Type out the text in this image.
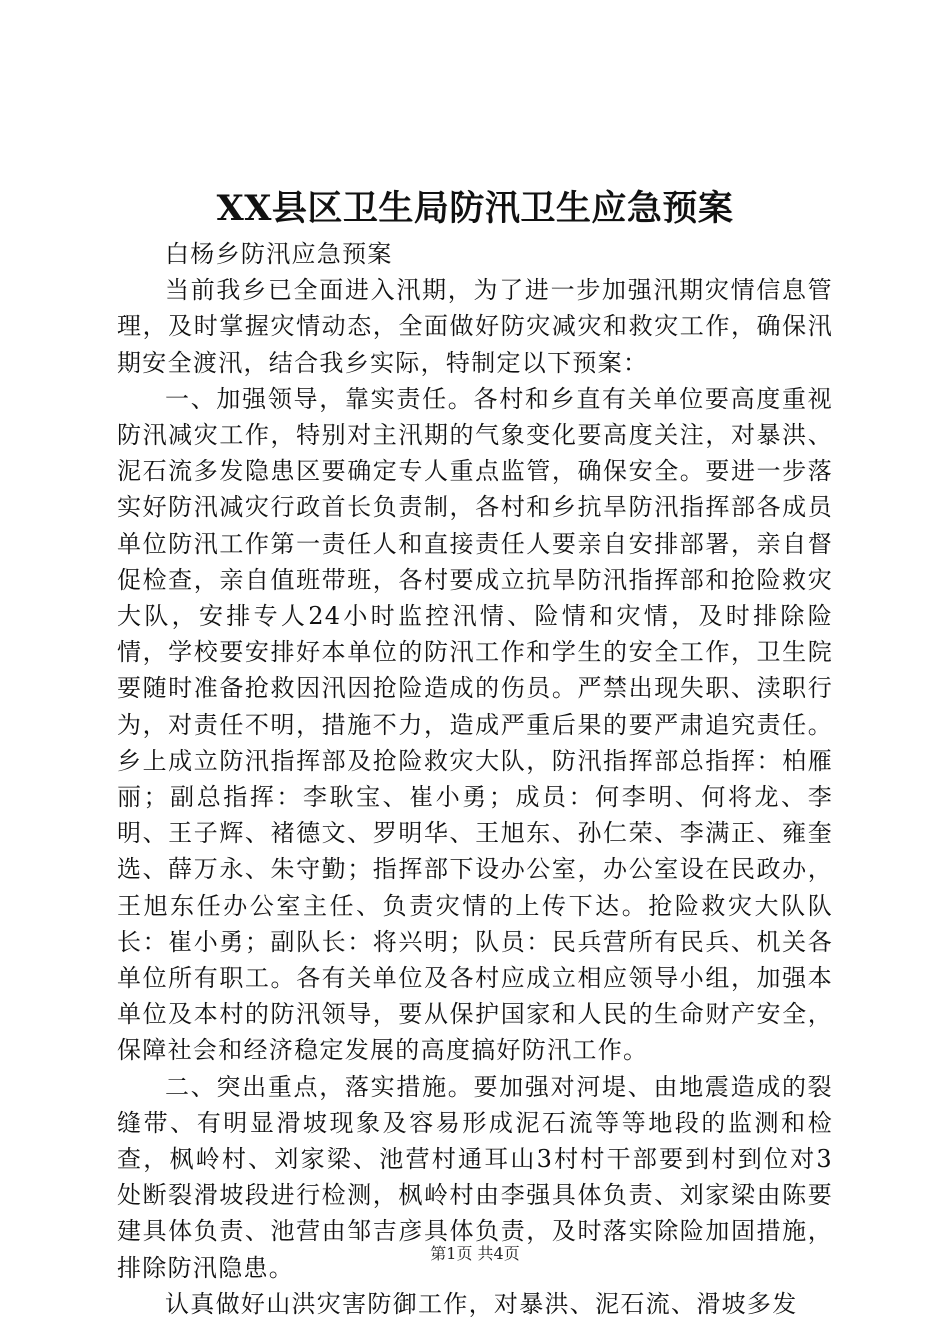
XX县区卫生局防汛卫生应急预案

白杨乡防汛应急预案

当前我乡已全面进入汛期，为了进一步加强汛期灾情信息管理，及时掌握灾情动态，全面做好防灾减灾和救灾工作，确保汛期安全渡汛，结合我乡实际，特制定以下预案：

一、加强领导，靠实责任。各村和乡直有关单位要高度重视防汛减灾工作，特别对主汛期的气象变化要高度关注，对暴洪、泥石流多发隐患区要确定专人重点监管，确保安全。要进一步落实好防汛减灾行政首长负责制，各村和乡抗旱防汛指挥部各成员单位防汛工作第一责任人和直接责任人要亲自安排部署，亲自督促检查，亲自值班带班，各村要成立抗旱防汛指挥部和抢险救灾大队，安排专人24小时监控汛情、险情和灾情，及时排除险情，学校要安排好本单位的防汛工作和学生的安全工作，卫生院要随时准备抢救因汛因抢险造成的伤员。严禁出现失职、渎职行为，对责任不明，措施不力，造成严重后果的要严肃追究责任。乡上成立防汛指挥部及抢险救灾大队，防汛指挥部总指挥：柏雁丽；副总指挥：李耿宝、崔小勇；成员：何李明、何将龙、李明、王子辉、褚德文、罗明华、王旭东、孙仁荣、李满正、雍奎选、薛万永、朱守勤；指挥部下设办公室，办公室设在民政办，王旭东任办公室主任、负责灾情的上传下达。抢险救灾大队队长：崔小勇；副队长：将兴明；队员：民兵营所有民兵、机关各单位所有职工。各有关单位及各村应成立相应领导小组，加强本单位及本村的防汛领导，要从保护国家和人民的生命财产安全，保障社会和经济稳定发展的高度搞好防汛工作。

二、突出重点，落实措施。要加强对河堤、由地震造成的裂缝带、有明显滑坡现象及容易形成泥石流等等地段的监测和检查，枫岭村、刘家梁、池营村通耳山3村村干部要到村到位对3处断裂滑坡段进行检测，枫岭村由李强具体负责、刘家梁由陈要建具体负责、池营由邹吉彦具体负责，及时落实除险加固措施，排除防汛隐患。

认真做好山洪灾害防御工作，对暴洪、泥石流、滑坡多发

第1页 共4页
